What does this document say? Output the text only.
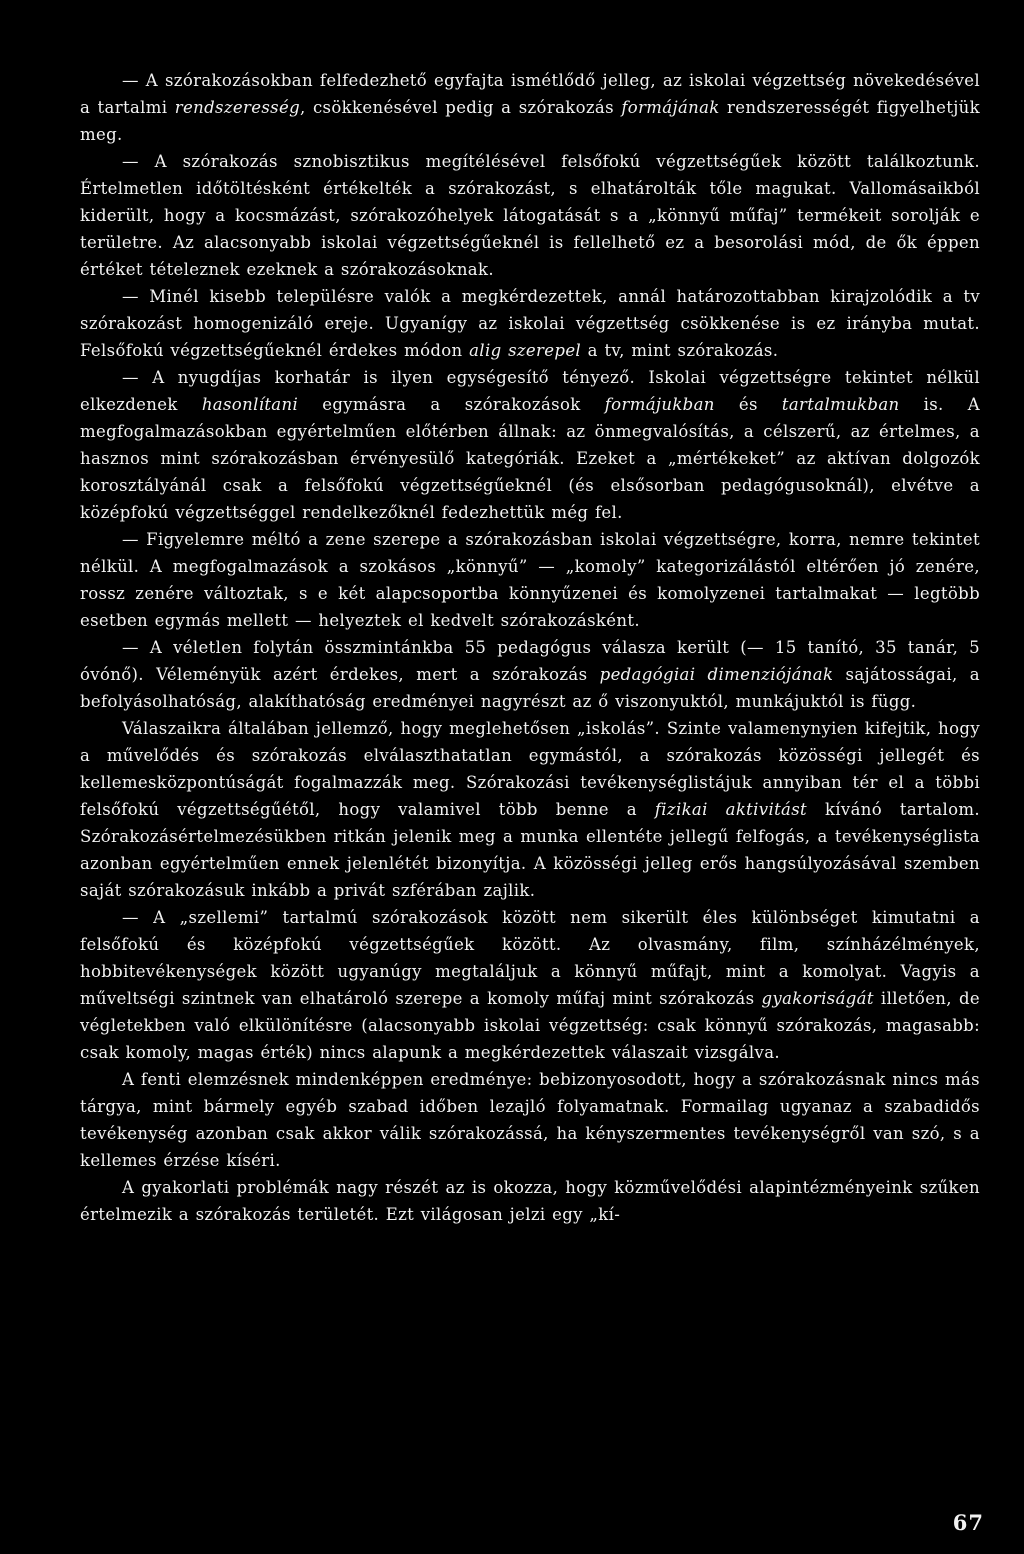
— A szórakozásokban felfedezhető egyfajta ismétlődő jelleg, az iskolai végzettség növekedésével a tartalmi rendszeresség, csökkenésével pedig a szórakozás formájának rendszerességét figyelhetjük meg.

— A szórakozás sznobisztikus megítélésével felsőfokú végzettségűek között találkoztunk. Értelmetlen időtöltésként értékelték a szórakozást, s elhatárolták tőle magukat. Vallomásaikból kiderült, hogy a kocsmázást, szórakozóhelyek látogatását s a „könnyű műfaj” termékeit sorolják e területre. Az alacsonyabb iskolai végzettségűeknél is fellelhető ez a besorolási mód, de ők éppen értéket tételeznek ezeknek a szórakozásoknak.

— Minél kisebb településre valók a megkérdezettek, annál határozottabban kirajzolódik a tv szórakozást homogenizáló ereje. Ugyanígy az iskolai végzettség csökkenése is ez irányba mutat. Felsőfokú végzettségűeknél érdekes módon alig szerepel a tv, mint szórakozás.

— A nyugdíjas korhatár is ilyen egységesítő tényező. Iskolai végzettségre tekintet nélkül elkezdenek hasonlítani egymásra a szórakozások formájukban és tartalmukban is. A megfogalmazásokban egyértelműen előtérben állnak: az önmegvalósítás, a célszerű, az értelmes, a hasznos mint szórakozásban érvényesülő kategóriák. Ezeket a „mértékeket” az aktívan dolgozók korosztályánál csak a felsőfokú végzettségűeknél (és elsősorban pedagógusoknál), elvétve a középfokú végzettséggel rendelkezőknél fedezhettük még fel.

— Figyelemre méltó a zene szerepe a szórakozásban iskolai végzettségre, korra, nemre tekintet nélkül. A megfogalmazások a szokásos „könnyű” — „komoly” kategorizálástól eltérően jó zenére, rossz zenére változtak, s e két alapcsoportba könnyűzenei és komolyzenei tartalmakat — legtöbb esetben egymás mellett — helyeztek el kedvelt szórakozásként.

— A véletlen folytán összmintánkba 55 pedagógus válasza került (— 15 tanító, 35 tanár, 5 óvónő). Véleményük azért érdekes, mert a szórakozás pedagógiai dimenziójának sajátosságai, a befolyásolhatóság, alakíthatóság eredményei nagyrészt az ő viszonyuktól, munkájuktól is függ.

Válaszaikra általában jellemző, hogy meglehetősen „iskolás”. Szinte valamenynyien kifejtik, hogy a művelődés és szórakozás elválaszthatatlan egymástól, a szórakozás közösségi jellegét és kellemesközpontúságát fogalmazzák meg. Szórakozási tevékenységlistájuk annyiban tér el a többi felsőfokú végzettségűétől, hogy valamivel több benne a fizikai aktivitást kívánó tartalom. Szórakozásértelmezésükben ritkán jelenik meg a munka ellentéte jellegű felfogás, a tevékenységlista azonban egyértelműen ennek jelenlétét bizonyítja. A közösségi jelleg erős hangsúlyozásával szemben saját szórakozásuk inkább a privát szférában zajlik.

— A „szellemi” tartalmú szórakozások között nem sikerült éles különbséget kimutatni a felsőfokú és középfokú végzettségűek között. Az olvasmány, film, színházélmények, hobbitevékenységek között ugyanúgy megtaláljuk a könnyű műfajt, mint a komolyat. Vagyis a műveltségi szintnek van elhatároló szerepe a komoly műfaj mint szórakozás gyakoriságát illetően, de végletekben való elkülönítésre (alacsonyabb iskolai végzettség: csak könnyű szórakozás, magasabb: csak komoly, magas érték) nincs alapunk a megkérdezettek válaszait vizsgálva.

A fenti elemzésnek mindenképpen eredménye: bebizonyosodott, hogy a szórakozásnak nincs más tárgya, mint bármely egyéb szabad időben lezajló folyamatnak. Formailag ugyanaz a szabadidős tevékenység azonban csak akkor válik szórakozássá, ha kényszermentes tevékenységről van szó, s a kellemes érzése kíséri.

A gyakorlati problémák nagy részét az is okozza, hogy közművelődési alapintézményeink szűken értelmezik a szórakozás területét. Ezt világosan jelzi egy „kí-

67
